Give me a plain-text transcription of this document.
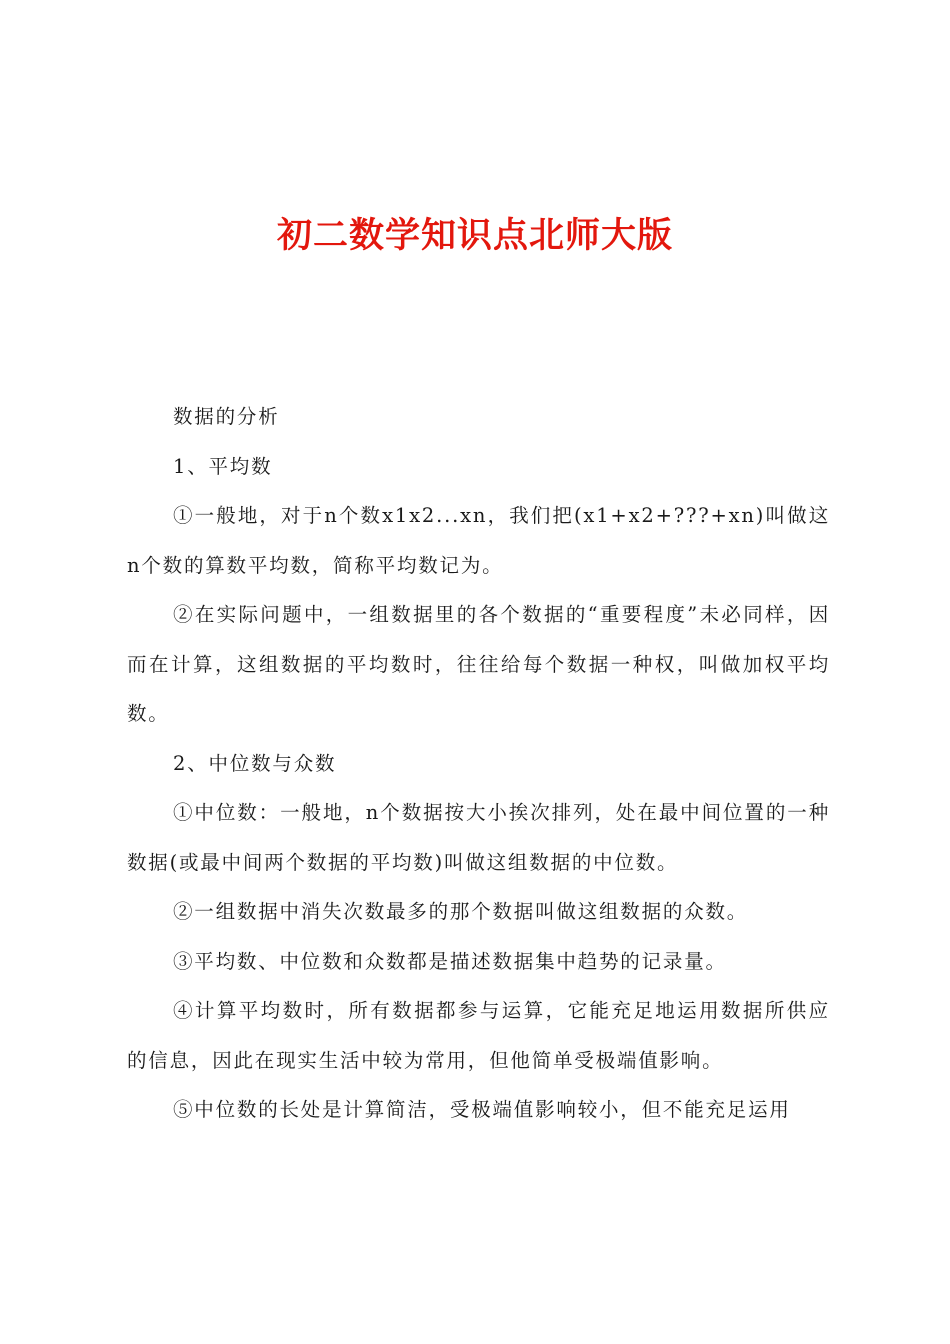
初二数学知识点北师大版

数据的分析

1、平均数

①一般地，对于n个数x1x2...xn，我们把(x1+x2+???+xn)叫做这n个数的算数平均数，简称平均数记为。

②在实际问题中，一组数据里的各个数据的“重要程度”未必同样，因而在计算，这组数据的平均数时，往往给每个数据一种权，叫做加权平均数。

2、中位数与众数

①中位数：一般地，n个数据按大小挨次排列，处在最中间位置的一种数据(或最中间两个数据的平均数)叫做这组数据的中位数。

②一组数据中消失次数最多的那个数据叫做这组数据的众数。

③平均数、中位数和众数都是描述数据集中趋势的记录量。

④计算平均数时，所有数据都参与运算，它能充足地运用数据所供应的信息，因此在现实生活中较为常用，但他简单受极端值影响。

⑤中位数的长处是计算简洁，受极端值影响较小，但不能充足运用
